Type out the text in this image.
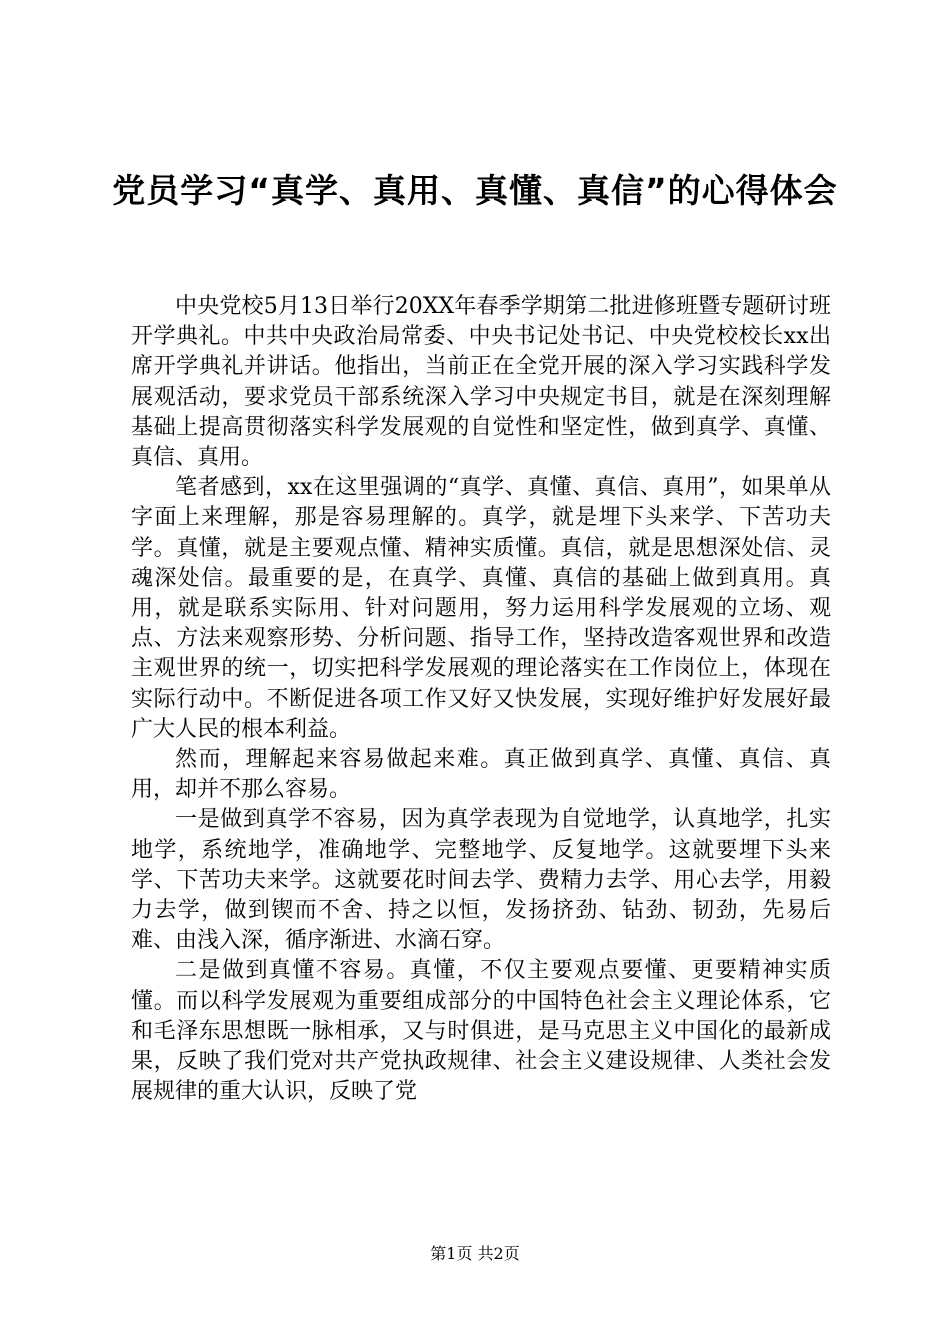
党员学习“真学、真用、真懂、真信”的心得体会

中央党校5月13日举行20XX年春季学期第二批进修班暨专题研讨班开学典礼。中共中央政治局常委、中央书记处书记、中央党校校长xx出席开学典礼并讲话。他指出，当前正在全党开展的深入学习实践科学发展观活动，要求党员干部系统深入学习中央规定书目，就是在深刻理解基础上提高贯彻落实科学发展观的自觉性和坚定性，做到真学、真懂、真信、真用。

笔者感到，xx在这里强调的“真学、真懂、真信、真用”，如果单从字面上来理解，那是容易理解的。真学，就是埋下头来学、下苦功夫学。真懂，就是主要观点懂、精神实质懂。真信，就是思想深处信、灵魂深处信。最重要的是，在真学、真懂、真信的基础上做到真用。真用，就是联系实际用、针对问题用，努力运用科学发展观的立场、观点、方法来观察形势、分析问题、指导工作，坚持改造客观世界和改造主观世界的统一，切实把科学发展观的理论落实在工作岗位上，体现在实际行动中。不断促进各项工作又好又快发展，实现好维护好发展好最广大人民的根本利益。

然而，理解起来容易做起来难。真正做到真学、真懂、真信、真用，却并不那么容易。

一是做到真学不容易，因为真学表现为自觉地学，认真地学，扎实地学，系统地学，准确地学、完整地学、反复地学。这就要埋下头来学、下苦功夫来学。这就要花时间去学、费精力去学、用心去学，用毅力去学，做到锲而不舍、持之以恒，发扬挤劲、钻劲、韧劲，先易后难、由浅入深，循序渐进、水滴石穿。

二是做到真懂不容易。真懂，不仅主要观点要懂、更要精神实质懂。而以科学发展观为重要组成部分的中国特色社会主义理论体系，它和毛泽东思想既一脉相承，又与时俱进，是马克思主义中国化的最新成果，反映了我们党对共产党执政规律、社会主义建设规律、人类社会发展规律的重大认识，反映了党

第1页 共2页
